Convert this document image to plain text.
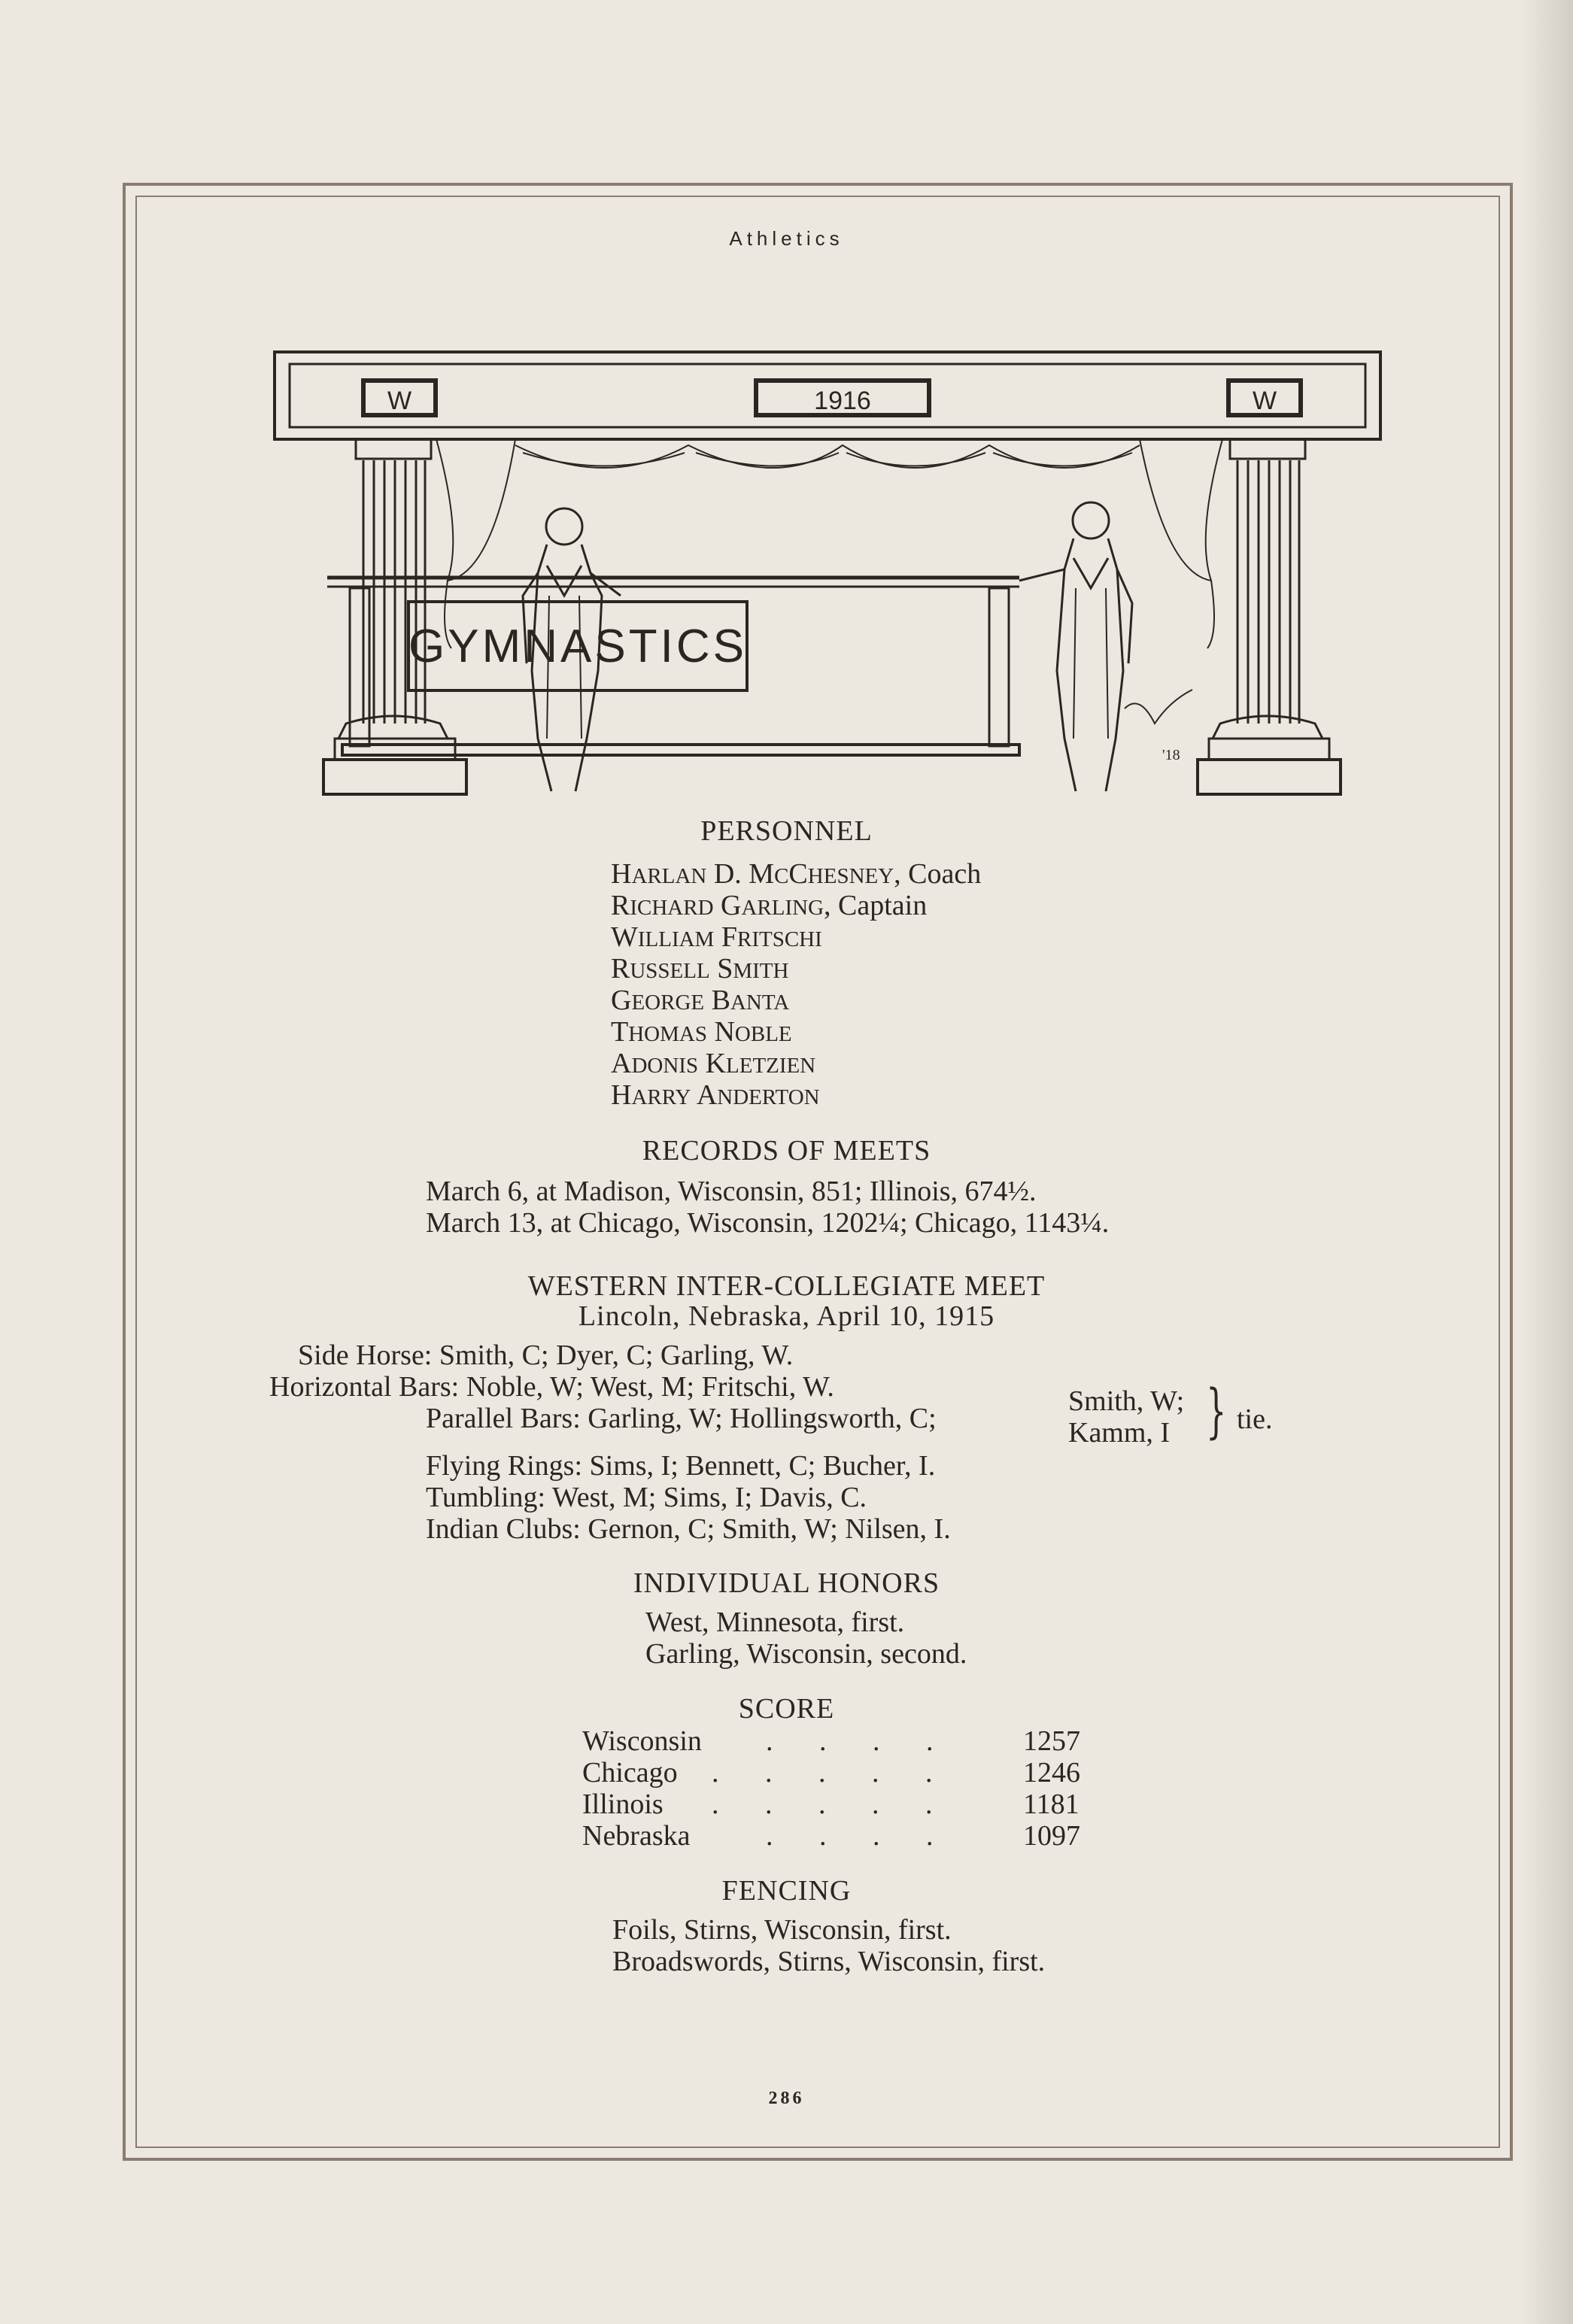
Athletics
W	1916	W
GYMNASTICS
'18
PERSONNEL
HARLAN D. MCCHESNEY, Coach
RICHARD GARLING, Captain
WILLIAM FRITSCHI
RUSSELL SMITH
GEORGE BANTA
THOMAS NOBLE
ADONIS KLETZIEN
HARRY ANDERTON
RECORDS OF MEETS
March 6, at Madison, Wisconsin, 851; Illinois, 674½.
March 13, at Chicago, Wisconsin, 1202¼; Chicago, 1143¼.
WESTERN INTER-COLLEGIATE MEET
Lincoln, Nebraska, April 10, 1915
Side Horse: Smith, C; Dyer, C; Garling, W.
Horizontal Bars: Noble, W; West, M; Fritschi, W.
Parallel Bars: Garling, W; Hollingsworth, C;
Smith, W;
Kamm, I } tie.
Flying Rings: Sims, I; Bennett, C; Bucher, I.
Tumbling: West, M; Sims, I; Davis, C.
Indian Clubs: Gernon, C; Smith, W; Nilsen, I.
INDIVIDUAL HONORS
West, Minnesota, first.
Garling, Wisconsin, second.
SCORE
Wisconsin . . . . 1257
Chicago . . . . . 1246
Illinois . . . . . 1181
Nebraska	. . . . 1097
FENCING
Foils, Stirns, Wisconsin, first.
Broadswords, Stirns, Wisconsin, first.
286
